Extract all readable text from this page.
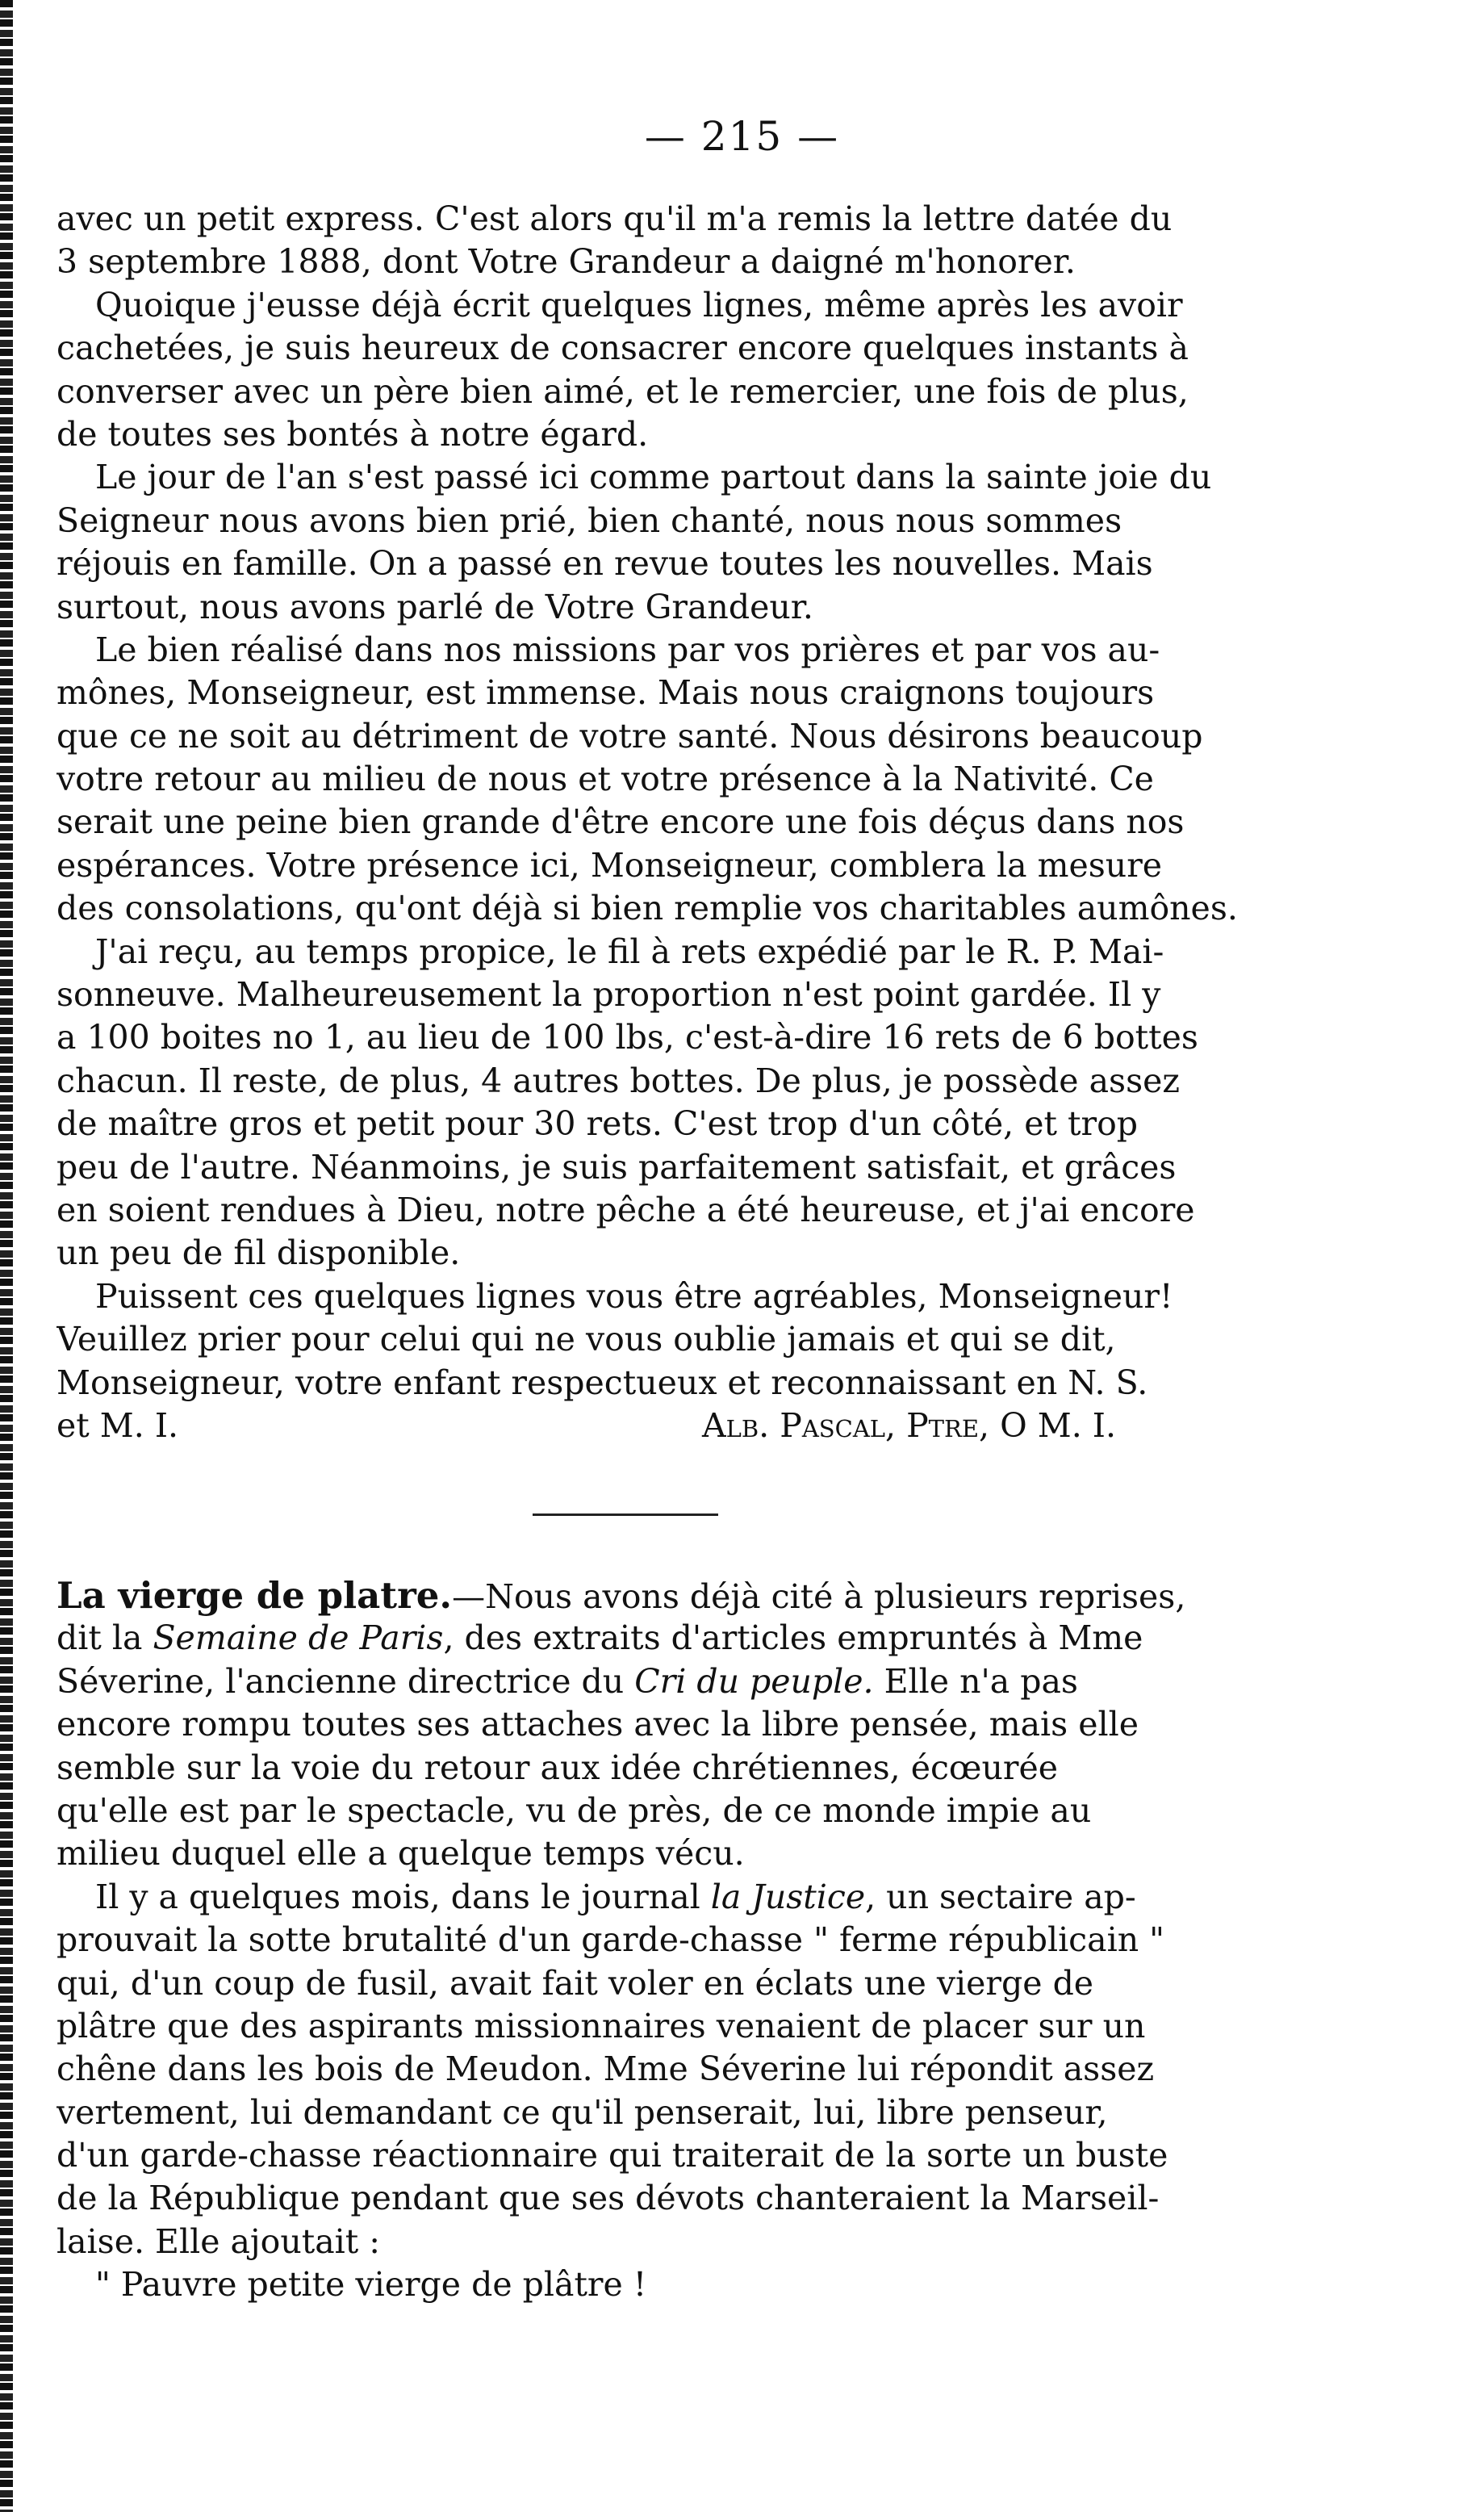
— 215 —
avec un petit express. C'est alors qu'il m'a remis la lettre datée du
3 septembre 1888, dont Votre Grandeur a daigné m'honorer.
Quoique j'eusse déjà écrit quelques lignes, même après les avoir
cachetées, je suis heureux de consacrer encore quelques instants à
converser avec un père bien aimé, et le remercier, une fois de plus,
de toutes ses bontés à notre égard.
Le jour de l'an s'est passé ici comme partout dans la sainte joie du
Seigneur nous avons bien prié, bien chanté, nous nous sommes
réjouis en famille. On a passé en revue toutes les nouvelles. Mais
surtout, nous avons parlé de Votre Grandeur.
Le bien réalisé dans nos missions par vos prières et par vos au-
mônes, Monseigneur, est immense. Mais nous craignons toujours
que ce ne soit au détriment de votre santé. Nous désirons beaucoup
votre retour au milieu de nous et votre présence à la Nativité. Ce
serait une peine bien grande d'être encore une fois déçus dans nos
espérances. Votre présence ici, Monseigneur, comblera la mesure
des consolations, qu'ont déjà si bien remplie vos charitables aumônes.
J'ai reçu, au temps propice, le fil à rets expédié par le R. P. Mai-
sonneuve. Malheureusement la proportion n'est point gardée. Il y
a 100 boites no 1, au lieu de 100 lbs, c'est-à-dire 16 rets de 6 bottes
chacun. Il reste, de plus, 4 autres bottes. De plus, je possède assez
de maître gros et petit pour 30 rets. C'est trop d'un côté, et trop
peu de l'autre. Néanmoins, je suis parfaitement satisfait, et grâces
en soient rendues à Dieu, notre pêche a été heureuse, et j'ai encore
un peu de fil disponible.
Puissent ces quelques lignes vous être agréables, Monseigneur!
Veuillez prier pour celui qui ne vous oublie jamais et qui se dit,
Monseigneur, votre enfant respectueux et reconnaissant en N. S.
et M. I.	Alb. Pascal, Ptre, O M. I.
La vierge de platre.—Nous avons déjà cité à plusieurs reprises,
dit la Semaine de Paris, des extraits d'articles empruntés à Mme
Séverine, l'ancienne directrice du Cri du peuple. Elle n'a pas
encore rompu toutes ses attaches avec la libre pensée, mais elle
semble sur la voie du retour aux idée chrétiennes, écœurée
qu'elle est par le spectacle, vu de près, de ce monde impie au
milieu duquel elle a quelque temps vécu.
Il y a quelques mois, dans le journal la Justice, un sectaire ap-
prouvait la sotte brutalité d'un garde-chasse " ferme républicain "
qui, d'un coup de fusil, avait fait voler en éclats une vierge de
plâtre que des aspirants missionnaires venaient de placer sur un
chêne dans les bois de Meudon. Mme Séverine lui répondit assez
vertement, lui demandant ce qu'il penserait, lui, libre penseur,
d'un garde-chasse réactionnaire qui traiterait de la sorte un buste
de la République pendant que ses dévots chanteraient la Marseil-
laise. Elle ajoutait :
" Pauvre petite vierge de plâtre !
